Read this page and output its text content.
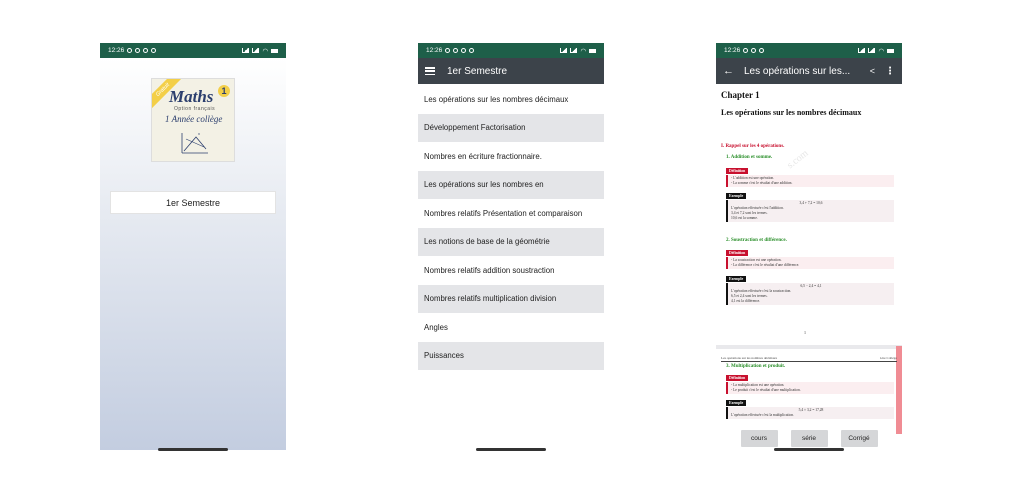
12:26	◠
Gratuit
Maths 1
Option français
1 Année collège
x
1er Semestre
12:26	◠
1er Semestre
Les opérations sur les nombres décimaux
Développement Factorisation
Nombres en écriture fractionnaire.
Les opérations sur les nombres en
Nombres relatifs Présentation et comparaison
Les notions de base de la géométrie
Nombres relatifs addition soustraction
Nombres relatifs multiplication division
Angles
Puissances
12:26	◠
← Les opérations sur les...	< ⋮
s.com
Chapter 1
Les opérations sur les nombres décimaux
I. Rappel sur les 4 opérations.
1. Addition et somme.
Définition
- L'addition est une opération.
- La somme c'est le résultat d'une addition.
Exemple
3,4 + 7,2 = 10,6
L'opération effectuée c'est l'addition.
3,4 et 7,2 sont les termes.
10,6 est la somme.
2. Soustraction et différence.
Définition
- La soustraction est une opération.
- La différence c'est le résultat d'une différence.
Exemple
6,5 − 2,4 = 4,1
L'opération effectuée c'est la soustraction.
6,5 et 2,4 sont les termes.
4,1 est la différence.
1
Les opérations sur les nombres décimaux	1ère Collège
3. Multiplication et produit.
Définition
- La multiplication est une opération.
- Le produit c'est le résultat d'une multiplication.
Exemple
5,4 × 3,2 = 17,28
L'opération effectuée c'est la multiplication.
cours	série	Corrigé
